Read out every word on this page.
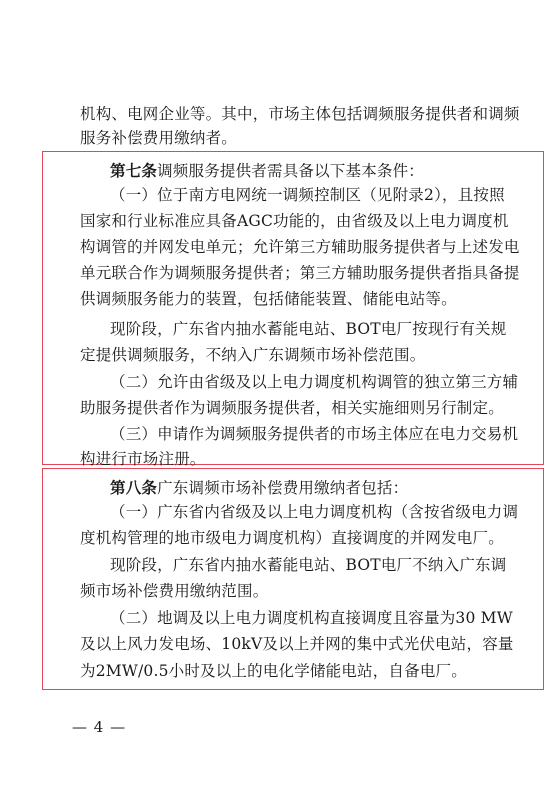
机构、电网企业等。其中，市场主体包括调频服务提供者和调频
服务补偿费用缴纳者。
第七条调频服务提供者需具备以下基本条件：
（一）位于南方电网统一调频控制区（见附录2），且按照
国家和行业标准应具备AGC功能的，由省级及以上电力调度机
构调管的并网发电单元；允许第三方辅助服务提供者与上述发电
单元联合作为调频服务提供者；第三方辅助服务提供者指具备提
供调频服务能力的装置，包括储能装置、储能电站等。
现阶段，广东省内抽水蓄能电站、BOT电厂按现行有关规
定提供调频服务，不纳入广东调频市场补偿范围。
（二）允许由省级及以上电力调度机构调管的独立第三方辅
助服务提供者作为调频服务提供者，相关实施细则另行制定。
（三）申请作为调频服务提供者的市场主体应在电力交易机
构进行市场注册。
第八条广东调频市场补偿费用缴纳者包括：
（一）广东省内省级及以上电力调度机构（含按省级电力调
度机构管理的地市级电力调度机构）直接调度的并网发电厂。
现阶段，广东省内抽水蓄能电站、BOT电厂不纳入广东调
频市场补偿费用缴纳范围。
（二）地调及以上电力调度机构直接调度且容量为30 MW
及以上风力发电场、10kV及以上并网的集中式光伏电站，容量
为2MW/0.5小时及以上的电化学储能电站，自备电厂。
— 4 —
